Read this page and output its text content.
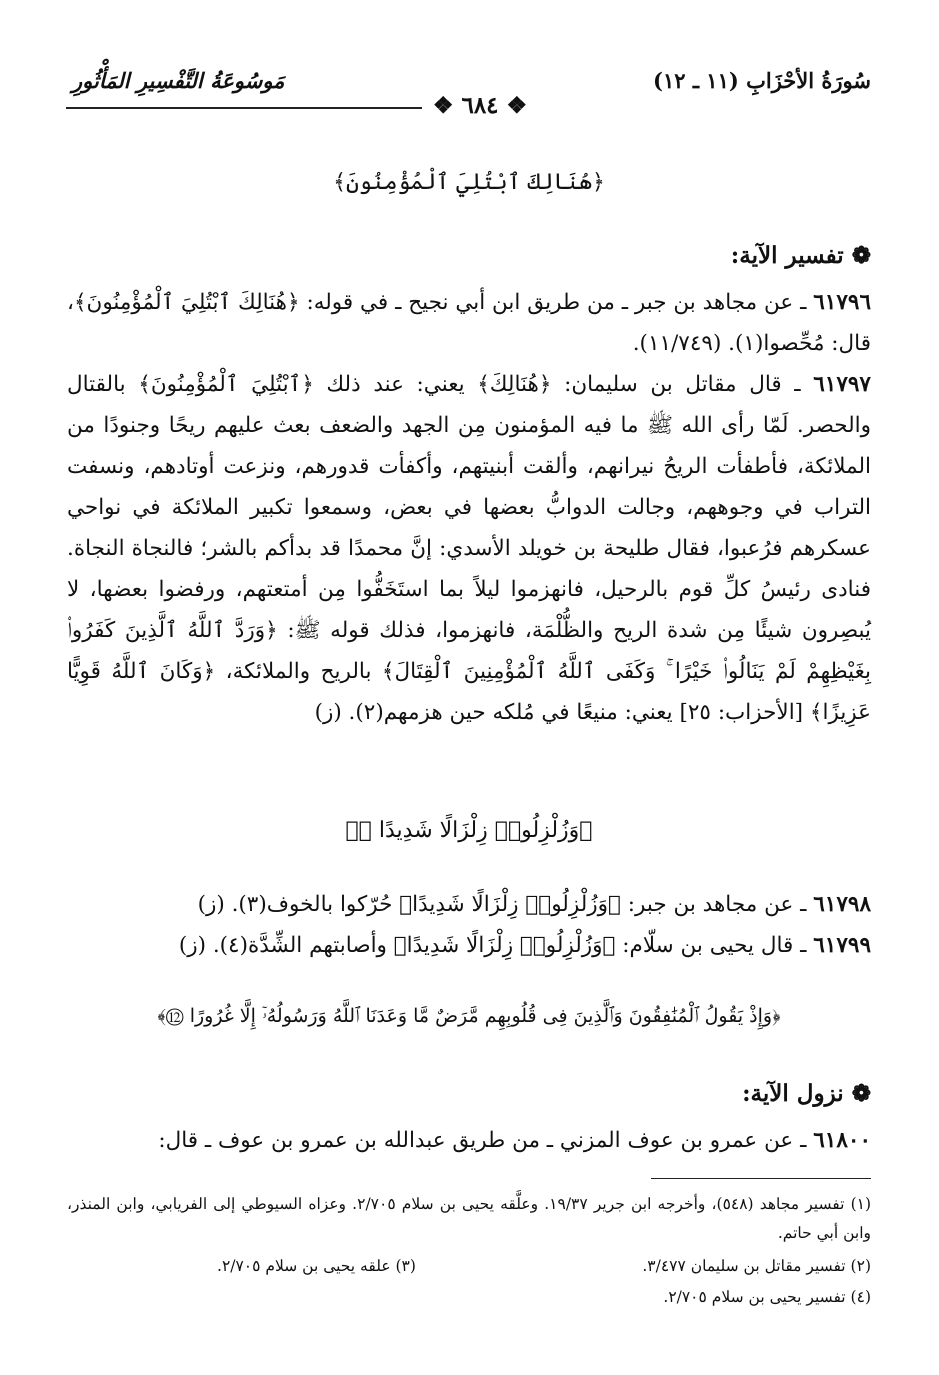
سُورَةُ الأحْزَابِ (١١ ـ ١٢)
مَوسُوعَةُ التَّفْسِيرِ المَأْثُورِ
❖ ٦٨٤ ❖
﴿هُنَالِكَ ٱبْتُلِيَ ٱلْمُؤْمِنُونَ﴾
❁تفسير الآية:
٦١٧٩٦ ـ عن مجاهد بن جبر ـ من طريق ابن أبي نجيح ـ في قوله: ﴿هُنَالِكَ ٱبْتُلِيَ ٱلْمُؤْمِنُونَ﴾، قال: مُحِّصوا(١). (١١/٧٤٩).
٦١٧٩٧ ـ قال مقاتل بن سليمان: ﴿هُنَالِكَ﴾ يعني: عند ذلك ﴿ٱبْتُلِيَ ٱلْمُؤْمِنُونَ﴾ بالقتال والحصر. لَمّا رأى الله ﷺ ما فيه المؤمنون مِن الجهد والضعف بعث عليهم ريحًا وجنودًا من الملائكة، فأطفأت الريحُ نيرانهم، وألقت أبنيتهم، وأكفأت قدورهم، ونزعت أوتادهم، ونسفت التراب في وجوههم، وجالت الدوابُّ بعضها في بعض، وسمعوا تكبير الملائكة في نواحي عسكرهم فرُعبوا، فقال طليحة بن خويلد الأسدي: إنَّ محمدًا قد بدأكم بالشر؛ فالنجاة النجاة. فنادى رئيسُ كلِّ قوم بالرحيل، فانهزموا ليلاً بما استَخَفُّوا مِن أمتعتهم، ورفضوا بعضها، لا يُبصِرون شيئًا مِن شدة الريح والظُّلْمَة، فانهزموا، فذلك قوله ﷺ: ﴿وَرَدَّ ٱللَّهُ ٱلَّذِينَ كَفَرُوا۟ بِغَيْظِهِمْ لَمْ يَنَالُوا۟ خَيْرًا ۚ وَكَفَى ٱللَّهُ ٱلْمُؤْمِنِينَ ٱلْقِتَالَ﴾ بالريح والملائكة، ﴿وَكَانَ ٱللَّهُ قَوِيًّا عَزِيزًا﴾ [الأحزاب: ٢٥] يعني: منيعًا في مُلكه حين هزمهم(٢). (ز)
﴿وَزُلْزِلُوا۟ زِلْزَالًا شَدِيدًا ⑪﴾
٦١٧٩٨ ـ عن مجاهد بن جبر: ﴿وَزُلْزِلُوا۟ زِلْزَالًا شَدِيدًا﴾ حُرّكوا بالخوف(٣). (ز)
٦١٧٩٩ ـ قال يحيى بن سلّام: ﴿وَزُلْزِلُوا۟ زِلْزَالًا شَدِيدًا﴾ وأصابتهم الشِّدَّة(٤). (ز)
﴿وَإِذْ يَقُولُ ٱلْمُنَٰفِقُونَ وَٱلَّذِينَ فِى قُلُوبِهِم مَّرَضٌ مَّا وَعَدَنَا ٱللَّهُ وَرَسُولُهُۥٓ إِلَّا غُرُورًا ⑫﴾
❁نزول الآية:
٦١٨٠٠ ـ عن عمرو بن عوف المزني ـ من طريق عبدالله بن عمرو بن عوف ـ قال:
(١) تفسير مجاهد (٥٤٨)، وأخرجه ابن جرير ١٩/٣٧. وعلَّقه يحيى بن سلام ٢/٧٠٥. وعزاه السيوطي إلى الفريابي، وابن المنذر، وابن أبي حاتم.
(٢) تفسير مقاتل بن سليمان ٣/٤٧٧.
(٣) علقه يحيى بن سلام ٢/٧٠٥.
(٤) تفسير يحيى بن سلام ٢/٧٠٥.
